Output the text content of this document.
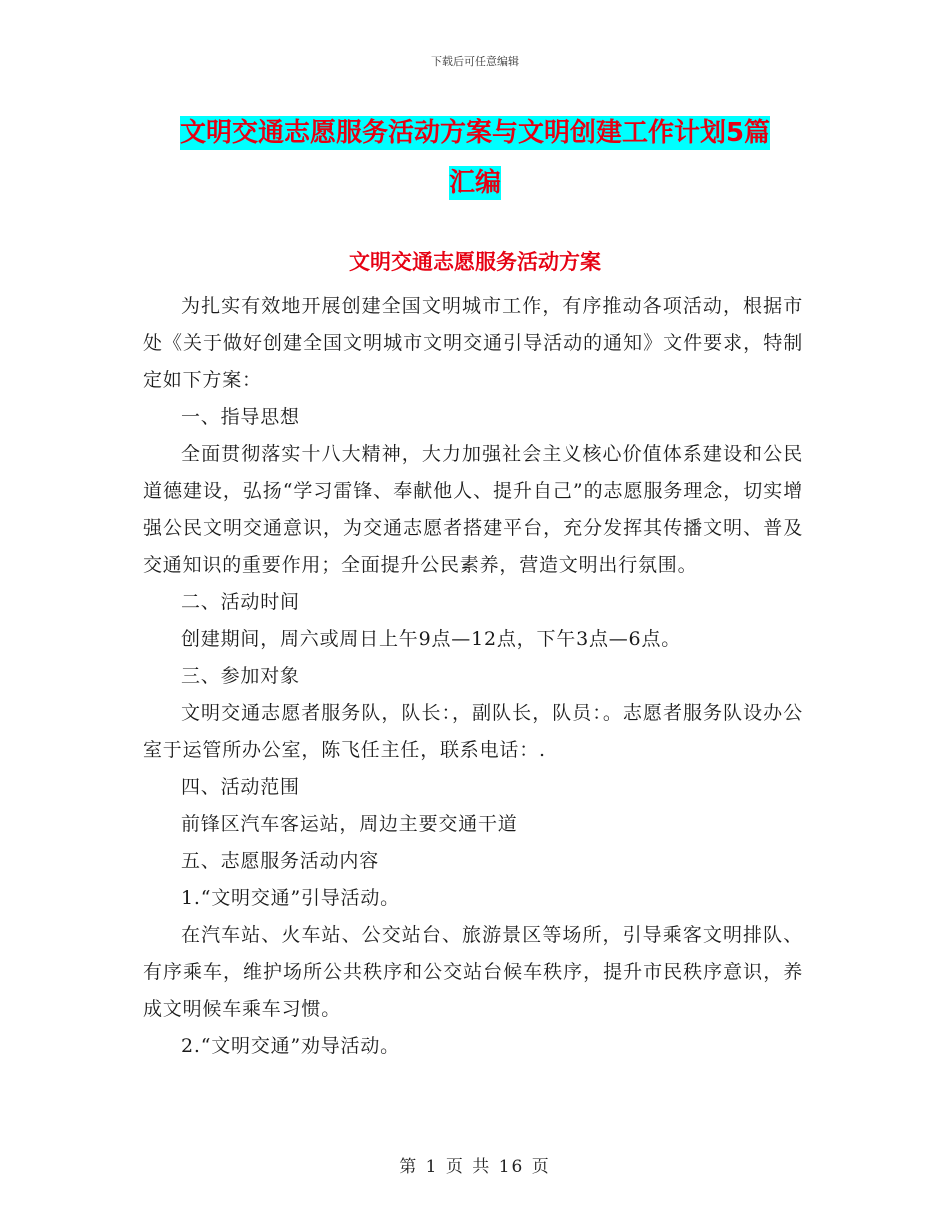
下载后可任意编辑
文明交通志愿服务活动方案与文明创建工作计划5篇
汇编
文明交通志愿服务活动方案

为扎实有效地开展创建全国文明城市工作，有序推动各项活动，根据市处《关于做好创建全国文明城市文明交通引导活动的通知》文件要求，特制定如下方案：

一、指导思想

全面贯彻落实十八大精神，大力加强社会主义核心价值体系建设和公民道德建设，弘扬“学习雷锋、奉献他人、提升自己”的志愿服务理念，切实增强公民文明交通意识，为交通志愿者搭建平台，充分发挥其传播文明、普及交通知识的重要作用；全面提升公民素养，营造文明出行氛围。

二、活动时间

创建期间，周六或周日上午9点—12点，下午3点—6点。

三、参加对象

文明交通志愿者服务队，队长：，副队长，队员：。志愿者服务队设办公室于运管所办公室，陈飞任主任，联系电话：.

四、活动范围

前锋区汽车客运站，周边主要交通干道

五、志愿服务活动内容

1.“文明交通”引导活动。

在汽车站、火车站、公交站台、旅游景区等场所，引导乘客文明排队、有序乘车，维护场所公共秩序和公交站台候车秩序，提升市民秩序意识，养成文明候车乘车习惯。

2.“文明交通”劝导活动。

第 1 页 共 16 页
